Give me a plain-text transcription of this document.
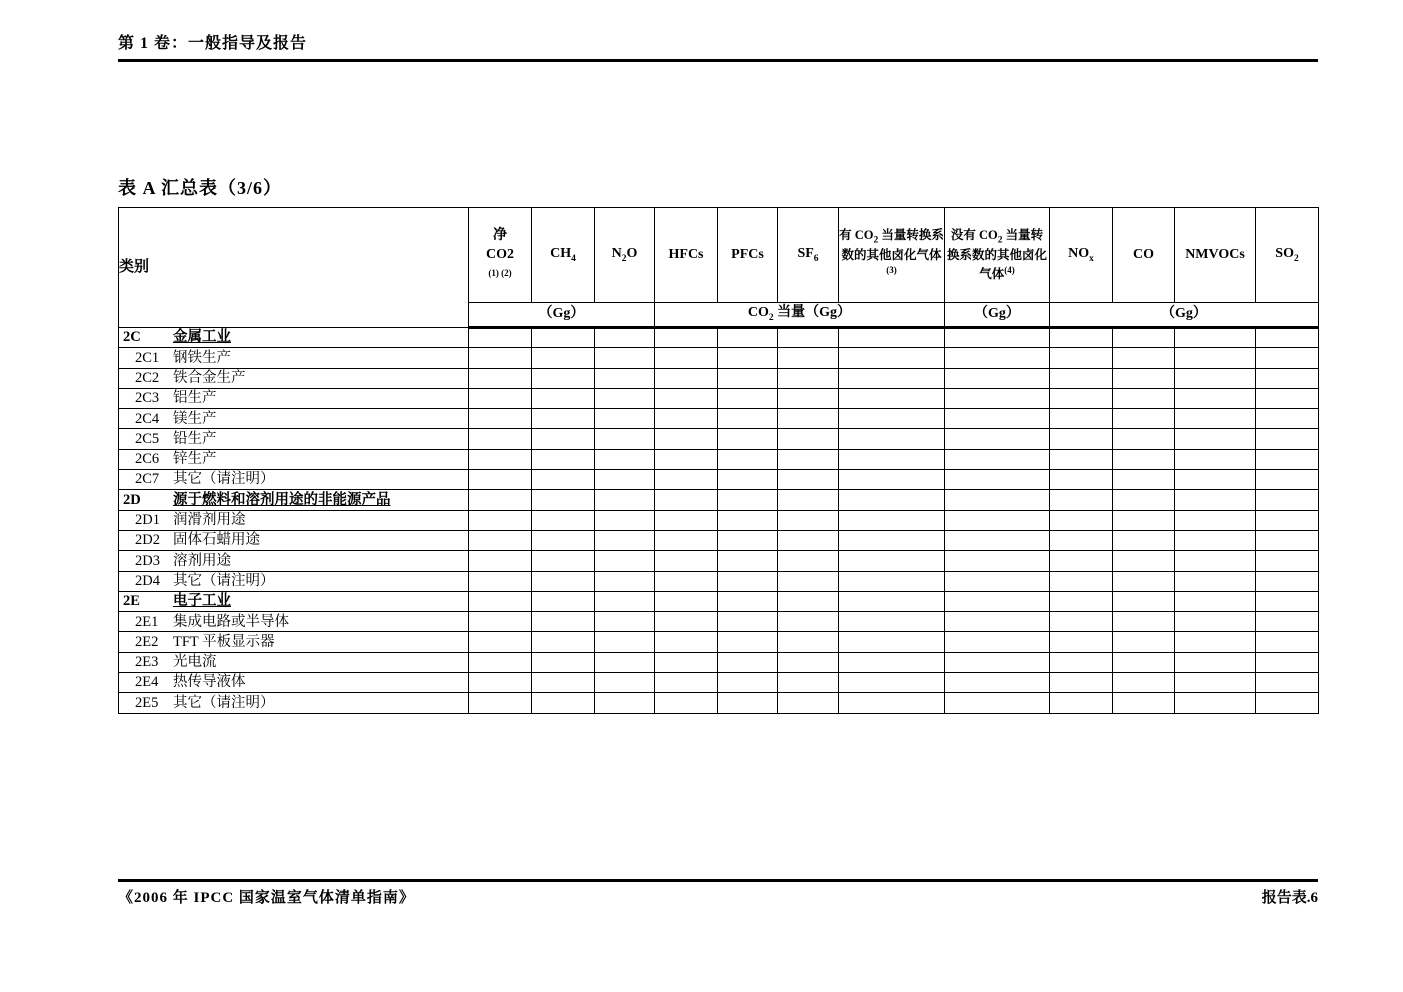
第 1 卷：一般指导及报告
表 A 汇总表（3/6）
类别	净
CO2
(1) (2)	$CH_4$	$N_2O$	HFCs	PFCs	$SF_6$	有 $CO_2$ 当量转换系数的其他卤化气体$^{(3)}$	没有 $CO_2$ 当量转换系数的其他卤化气体$^{(4)}$	$NO_x$	CO	NMVOCs	$SO_2$
	（Gg）			$CO_2$ 当量（Gg）				（Gg）	（Gg）			
2C 金属工业												
2C1 钢铁生产												
2C2 铁合金生产												
2C3 铝生产												
2C4 镁生产												
2C5 铅生产												
2C6 锌生产												
2C7 其它（请注明）												
2D 源于燃料和溶剂用途的非能源产品												
2D1 润滑剂用途												
2D2 固体石蜡用途												
2D3 溶剂用途												
2D4 其它（请注明）												
2E 电子工业												
2E1 集成电路或半导体												
2E2 TFT 平板显示器												
2E3 光电流												
2E4 热传导液体												
2E5 其它（请注明）												
《2006 年 IPCC 国家温室气体清单指南》	报告表.6
